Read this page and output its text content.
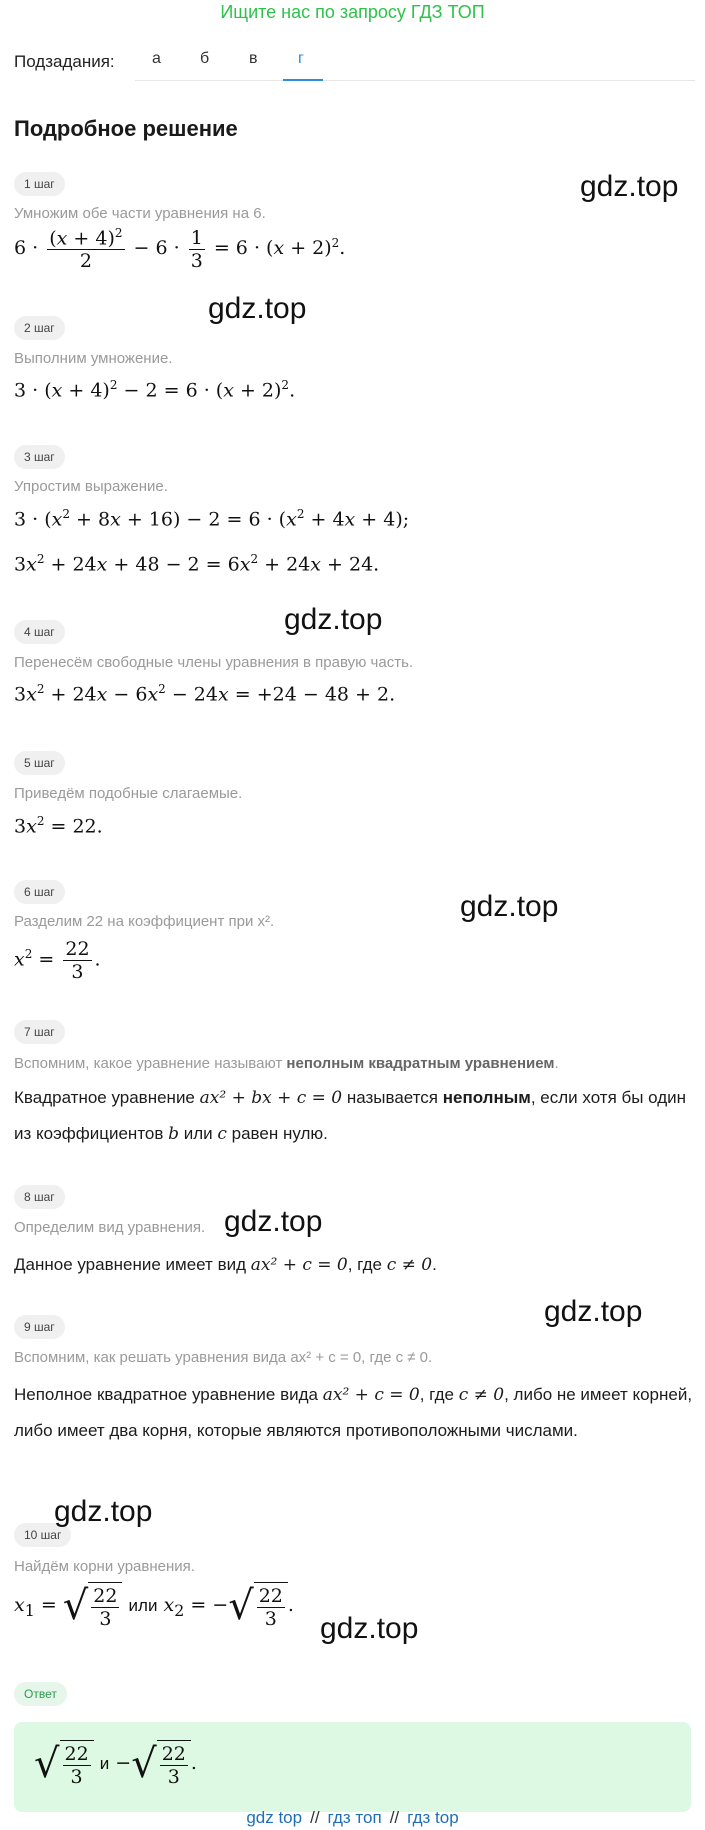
Ищите нас по запросу ГДЗ ТОП
Подзадания: а б в	г
Подробное решение
1 шаг
Умножим обе части уравнения на 6.
$6 \cdot \frac{(x + 4)^2}{2} - 6 \cdot \frac{1}{3} = 6 \cdot (x + 2)^2$.
2 шаг
Выполним умножение.
$3 \cdot (x + 4)^2 - 2 = 6 \cdot (x + 2)^2$.
3 шаг
Упростим выражение.
$3 \cdot (x^2 + 8x + 16) - 2 = 6 \cdot (x^2 + 4x + 4)$;
$3x^2 + 24x + 48 - 2 = 6x^2 + 24x + 24$.
4 шаг
Перенесём свободные члены уравнения в правую часть.
$3x^2 + 24x - 6x^2 - 24x = +24 - 48 + 2$.
5 шаг
Приведём подобные слагаемые.
$3x^2 = 22$.
6 шаг
Разделим 22 на коэффициент при x².
$x^2 = \frac{22}{3}$ .
7 шаг
Вспомним, какое уравнение называют неполным квадратным уравнением.
Квадратное уравнение ax² + bx + c = 0 называется неполным, если хотя бы один из коэффициентов b или c равен нулю.
8 шаг
Определим вид уравнения.
Данное уравнение имеет вид ax² + c = 0, где c ≠ 0.
9 шаг
Вспомним, как решать уравнения вида ax² + c = 0, где c ≠ 0.
Неполное квадратное уравнение вида ax² + c = 0, где c ≠ 0, либо не имеет корней, либо имеет два корня, которые являются противоположными числами.
10 шаг
Найдём корни уравнения.
$x_1$ = √ $\frac{22}{3}$ или $x_2$ = −√ $\frac{22}{3}$ .
Ответ
√ $\frac{22}{3}$ и −√ $\frac{22}{3}$ .
gdz.top
gdz.top
gdz.top
gdz.top
gdz.top
gdz.top
gdz.top
gdz.top
gdz top // гдз топ // гдз top
